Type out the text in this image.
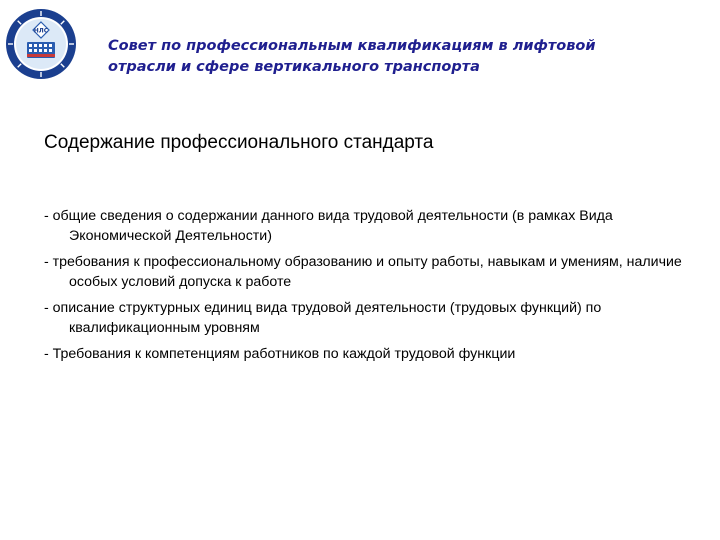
НЛС
Совет по профессиональным квалификациям в лифтовой
отрасли и сфере вертикального транспорта
Содержание профессионального стандарта
- общие сведения о содержании данного вида трудовой деятельности (в рамках Вида Экономической Деятельности)
- требования к профессиональному образованию и опыту работы, навыкам и умениям, наличие особых условий допуска к работе
- описание структурных единиц вида трудовой деятельности (трудовых функций) по квалификационным уровням
- Требования к компетенциям работников по каждой трудовой функции
